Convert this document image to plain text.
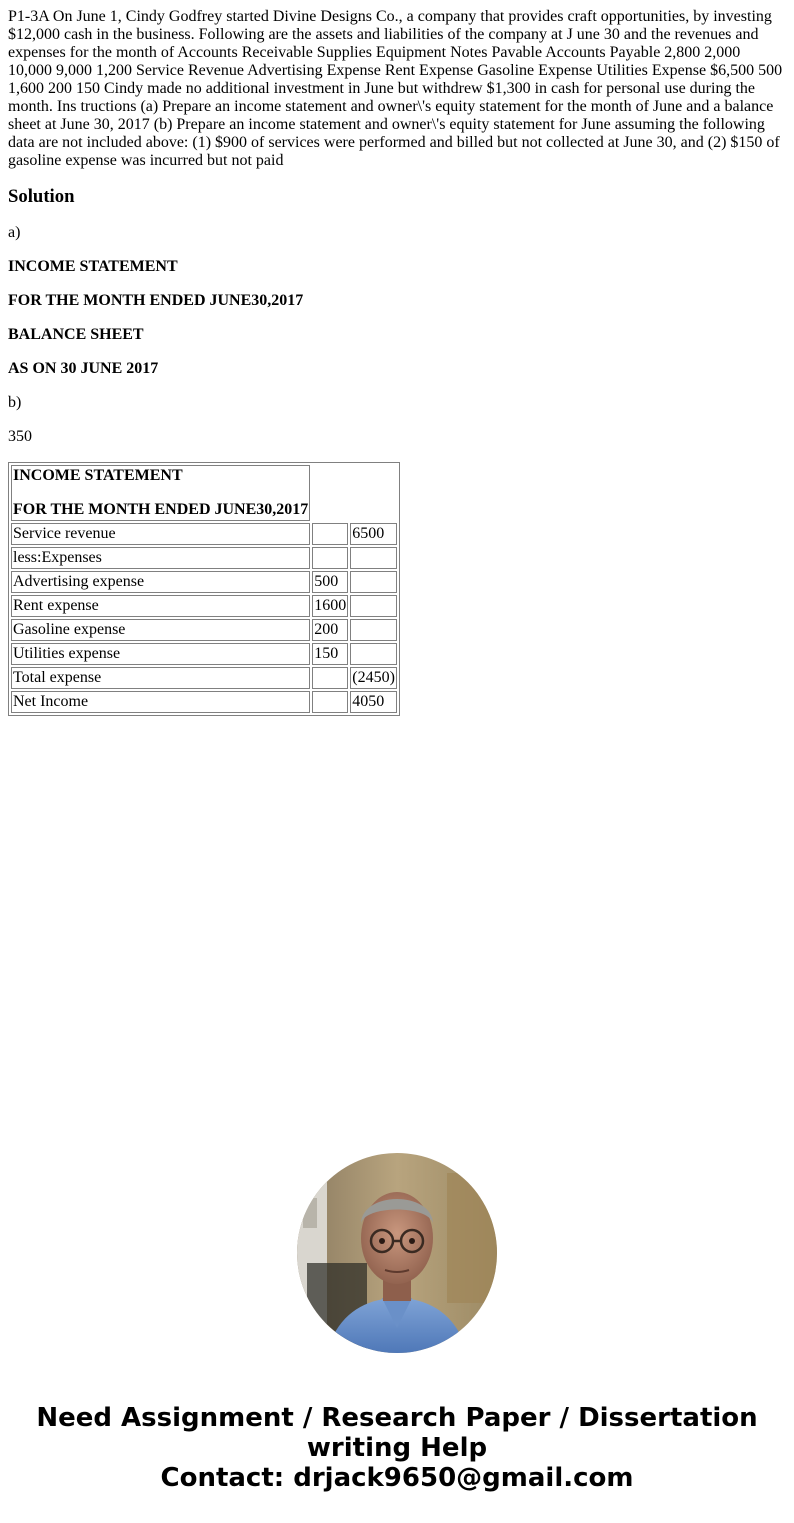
P1-3A On June 1, Cindy Godfrey started Divine Designs Co., a company that provides craft opportunities, by investing $12,000 cash in the business. Following are the assets and liabilities of the company at J une 30 and the revenues and expenses for the month of Accounts Receivable Supplies Equipment Notes Pavable Accounts Payable 2,800 2,000 10,000 9,000 1,200 Service Revenue Advertising Expense Rent Expense Gasoline Expense Utilities Expense $6,500 500 1,600 200 150 Cindy made no additional investment in June but withdrew $1,300 in cash for personal use during the month. Ins tructions (a) Prepare an income statement and owner\'s equity statement for the month of June and a balance sheet at June 30, 2017 (b) Prepare an income statement and owner\'s equity statement for June assuming the following data are not included above: (1) $900 of services were performed and billed but not collected at June 30, and (2) $150 of gasoline expense was incurred but not paid
Solution

a)

INCOME STATEMENT

FOR THE MONTH ENDED JUNE30,2017

BALANCE SHEET

AS ON 30 JUNE 2017

b)

350

INCOME STATEMENT
FOR THE MONTH ENDED JUNE30,2017		

Service revenue		6500
less:Expenses		
Advertising expense	500	
Rent expense	1600	
Gasoline expense	200	
Utilities expense	150	
Total expense		(2450)
Net Income		4050
Need Assignment / Research Paper / Dissertation
writing Help
Contact: drjack9650@gmail.com
